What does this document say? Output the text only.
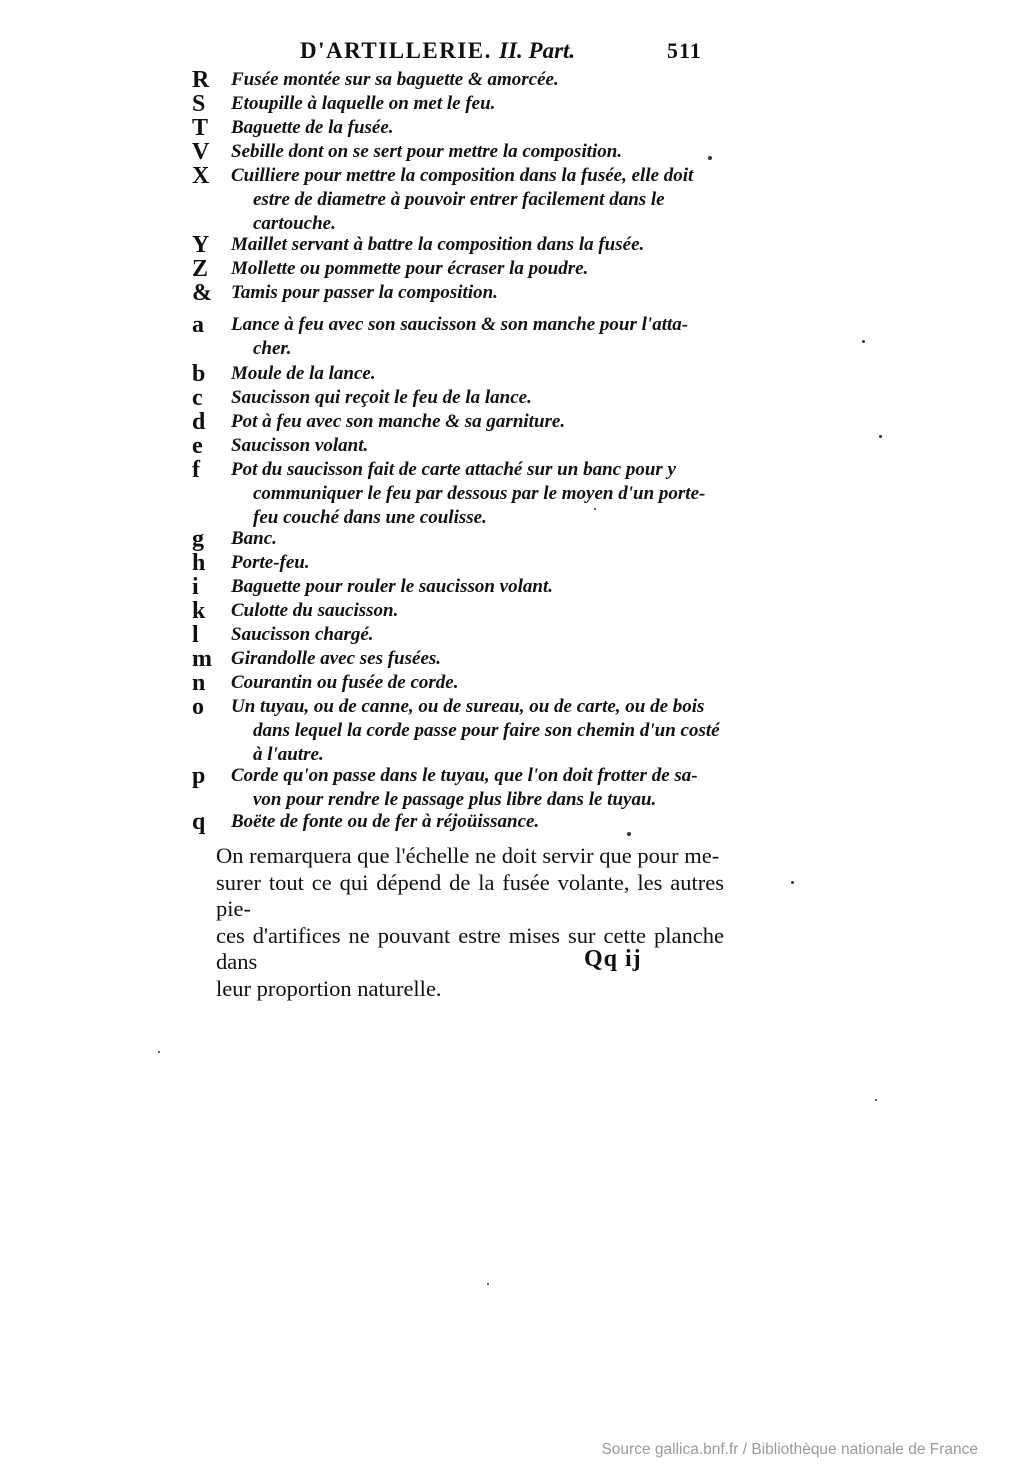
D'ARTILLERIE. II. Part.	511
R	Fusée montée sur sa baguette & amorcée.
S	Etoupille à laquelle on met le feu.
T	Baguette de la fusée.
V	Sebille dont on se sert pour mettre la composition.
X	Cuilliere pour mettre la composition dans la fusée, elle doit

estre de diametre à pouvoir entrer facilement dans le
cartouche.
Y	Maillet servant à battre la composition dans la fusée.
Z	Mollette ou pommette pour écraser la poudre.
&	Tamis pour passer la composition.
a	Lance à feu avec son saucisson & son manche pour l'atta-

cher.
b	Moule de la lance.
c	Saucisson qui reçoit le feu de la lance.
d	Pot à feu avec son manche & sa garniture.
e	Saucisson volant.
f	Pot du saucisson fait de carte attaché sur un banc pour y

communiquer le feu par dessous par le moyen d'un porte-
feu couché dans une coulisse.
g	Banc.
h	Porte-feu.
i	Baguette pour rouler le saucisson volant.
k	Culotte du saucisson.
l	Saucisson chargé.
m	Girandolle avec ses fusées.
n	Courantin ou fusée de corde.
o	Un tuyau, ou de canne, ou de sureau, ou de carte, ou de bois

dans lequel la corde passe pour faire son chemin d'un costé
à l'autre.
p	Corde qu'on passe dans le tuyau, que l'on doit frotter de sa-

von pour rendre le passage plus libre dans le tuyau.
q	Boëte de fonte ou de fer à réjoüissance.
On remarquera que l'échelle ne doit servir que pour me-
surer tout ce qui dépend de la fusée volante, les autres pie-
ces d'artifices ne pouvant estre mises sur cette planche dans
leur proportion naturelle.
Qq ij
Source gallica.bnf.fr / Bibliothèque nationale de France
